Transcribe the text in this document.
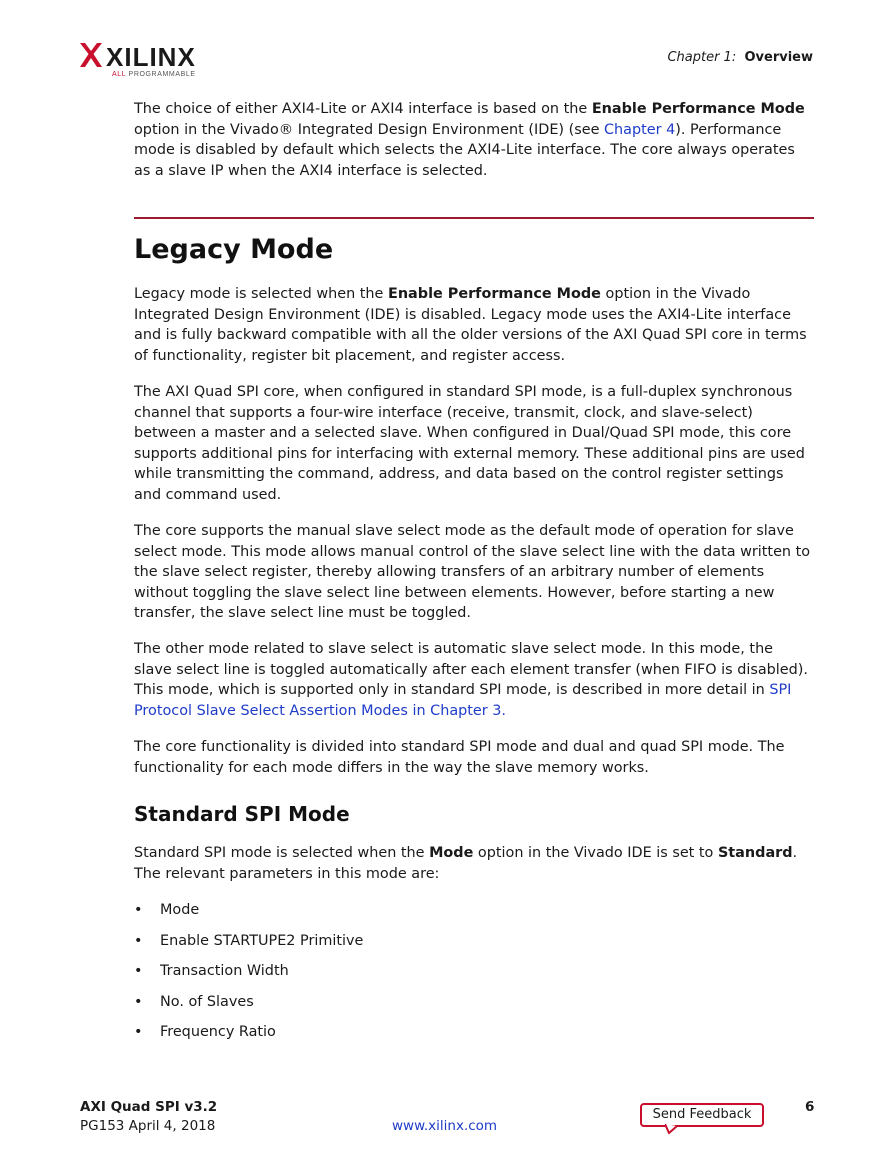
XILINX
ALL PROGRAMMABLE
Chapter 1: Overview
The choice of either AXI4-Lite or AXI4 interface is based on the Enable Performance Mode option in the Vivado® Integrated Design Environment (IDE) (see Chapter 4). Performance mode is disabled by default which selects the AXI4-Lite interface. The core always operates as a slave IP when the AXI4 interface is selected.
Legacy Mode
Legacy mode is selected when the Enable Performance Mode option in the Vivado Integrated Design Environment (IDE) is disabled. Legacy mode uses the AXI4-Lite interface and is fully backward compatible with all the older versions of the AXI Quad SPI core in terms of functionality, register bit placement, and register access.
The AXI Quad SPI core, when configured in standard SPI mode, is a full-duplex synchronous channel that supports a four-wire interface (receive, transmit, clock, and slave-select) between a master and a selected slave. When configured in Dual/Quad SPI mode, this core supports additional pins for interfacing with external memory. These additional pins are used while transmitting the command, address, and data based on the control register settings and command used.
The core supports the manual slave select mode as the default mode of operation for slave select mode. This mode allows manual control of the slave select line with the data written to the slave select register, thereby allowing transfers of an arbitrary number of elements without toggling the slave select line between elements. However, before starting a new transfer, the slave select line must be toggled.
The other mode related to slave select is automatic slave select mode. In this mode, the slave select line is toggled automatically after each element transfer (when FIFO is disabled). This mode, which is supported only in standard SPI mode, is described in more detail in SPI Protocol Slave Select Assertion Modes in Chapter 3.
The core functionality is divided into standard SPI mode and dual and quad SPI mode. The functionality for each mode differs in the way the slave memory works.
Standard SPI Mode
Standard SPI mode is selected when the Mode option in the Vivado IDE is set to Standard. The relevant parameters in this mode are:
• Mode
• Enable STARTUPE2 Primitive
• Transaction Width
• No. of Slaves
• Frequency Ratio
AXI Quad SPI v3.2
PG153 April 4, 2018	www.xilinx.com
Send Feedback	6
